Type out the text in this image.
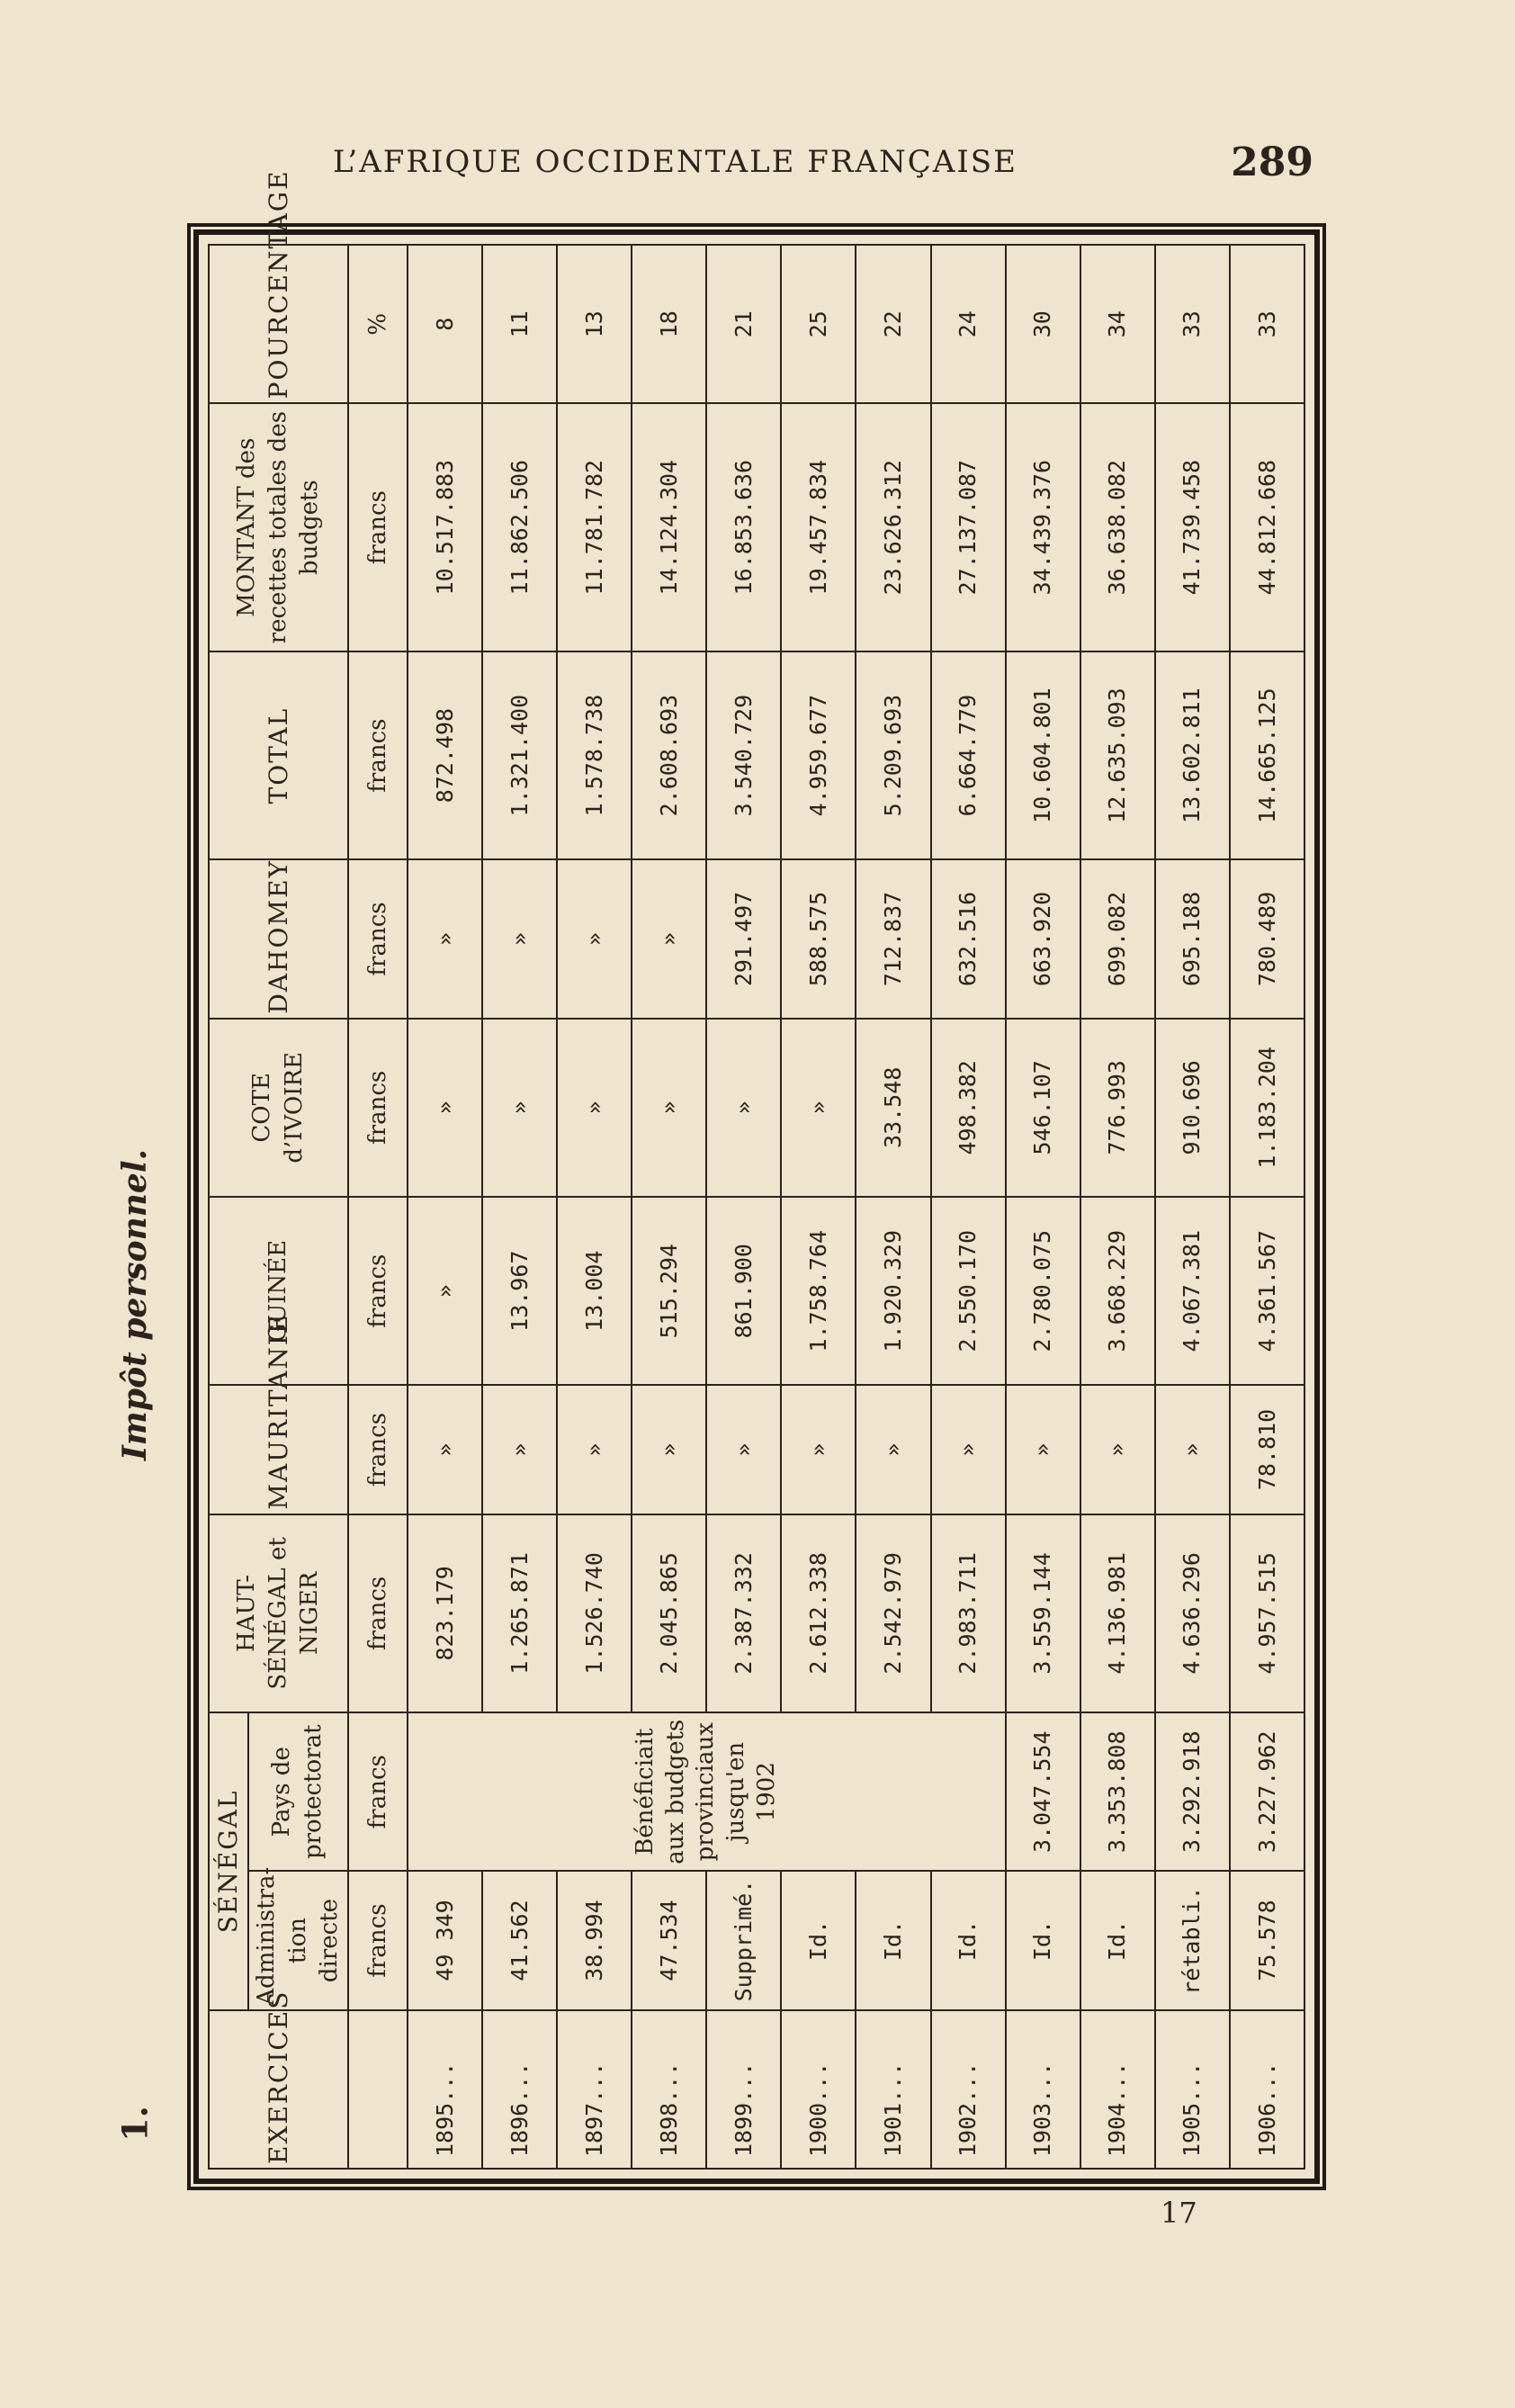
L’AFRIQUE OCCIDENTALE FRANÇAISE	289
Impôt personnel.
1.
17
EXERCICES	SÉNÉGAL		HAUT-SÉNÉGAL et NIGER	MAURITANIE	GUINÉE	COTE d’IVOIRE	DAHOMEY	TOTAL	MONTANT des recettes totales des budgets	POURCENTAGE
	Administra-tion directe	Pays de protectorat								
	francs	francs	francs	francs	francs	francs	francs	francs	francs	%
1895...	49 349	Bénéficiait aux budgets provinciaux jusqu'en 1902	823.179	»	»	»	»	872.498	10.517.883	8
1896...	41.562		1.265.871	»	13.967	»	»	1.321.400	11.862.506	11
1897...	38.994		1.526.740	»	13.004	»	»	1.578.738	11.781.782	13
1898...	47.534		2.045.865	»	515.294	»	»	2.608.693	14.124.304	18
1899...	Supprimé.		2.387.332	»	861.900	»	291.497	3.540.729	16.853.636	21
1900...	Id.		2.612.338	»	1.758.764	»	588.575	4.959.677	19.457.834	25
1901...	Id.		2.542.979	»	1.920.329	33.548	712.837	5.209.693	23.626.312	22
1902...	Id.		2.983.711	»	2.550.170	498.382	632.516	6.664.779	27.137.087	24
1903...	Id.	3.047.554	3.559.144	»	2.780.075	546.107	663.920	10.604.801	34.439.376	30
1904...	Id.	3.353.808	4.136.981	»	3.668.229	776.993	699.082	12.635.093	36.638.082	34
1905...	rétabli.	3.292.918	4.636.296	»	4.067.381	910.696	695.188	13.602.811	41.739.458	33
1906...	75.578	3.227.962	4.957.515	78.810	4.361.567	1.183.204	780.489	14.665.125	44.812.668	33
